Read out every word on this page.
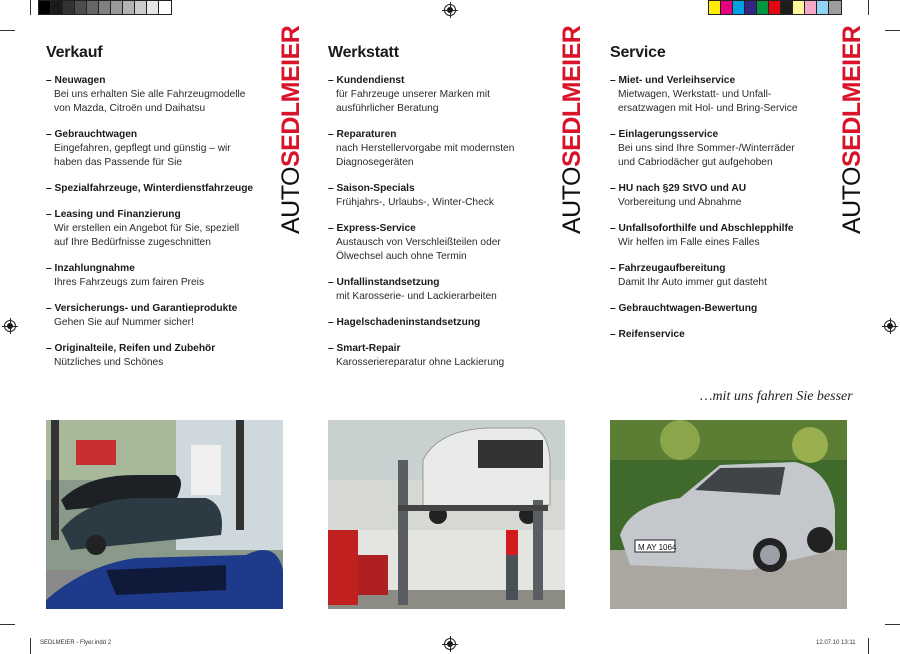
Verkauf
– Neuwagen
Bei uns erhalten Sie alle Fahrzeugmodelle
von Mazda, Citroën und Daihatsu
– Gebrauchtwagen
Eingefahren, gepflegt und günstig – wir
haben das Passende für Sie
– Spezialfahrzeuge, Winterdienstfahrzeuge
– Leasing und Finanzierung
Wir erstellen ein Angebot für Sie, speziell
auf Ihre Bedürfnisse zugeschnitten
– Inzahlungnahme
Ihres Fahrzeugs zum fairen Preis
– Versicherungs- und Garantieprodukte
Gehen Sie auf Nummer sicher!
– Originalteile, Reifen und Zubehör
Nützliches und Schönes
Werkstatt
– Kundendienst
für Fahrzeuge unserer Marken mit
ausführlicher Beratung
– Reparaturen
nach Herstellervorgabe mit modernsten
Diagnosegeräten
– Saison-Specials
Frühjahrs-, Urlaubs-, Winter-Check
– Express-Service
Austausch von Verschleißteilen oder
Ölwechsel auch ohne Termin
– Unfallinstandsetzung
mit Karosserie- und Lackierarbeiten
– Hagelschadeninstandsetzung
– Smart-Repair
Karosseriereparatur ohne Lackierung
Service
– Miet- und Verleihservice
Mietwagen, Werkstatt- und Unfall-
ersatzwagen mit Hol- und Bring-Service
– Einlagerungsservice
Bei uns sind Ihre Sommer-/Winterräder
und Cabriodächer gut aufgehoben
– HU nach §29 StVO und AU
Vorbereitung und Abnahme
– Unfallsoforthilfe und Abschlepphilfe
Wir helfen im Falle eines Falles
– Fahrzeugaufbereitung
Damit Ihr Auto immer gut dasteht
– Gebrauchtwagen-Bewertung
– Reifenservice
AUTOSEDLMEIER
AUTOSEDLMEIER
AUTOSEDLMEIER
…mit uns fahren Sie besser
M AY 1064
SEDLMEIER - Flyer.indd 2	12.07.10 13:11
